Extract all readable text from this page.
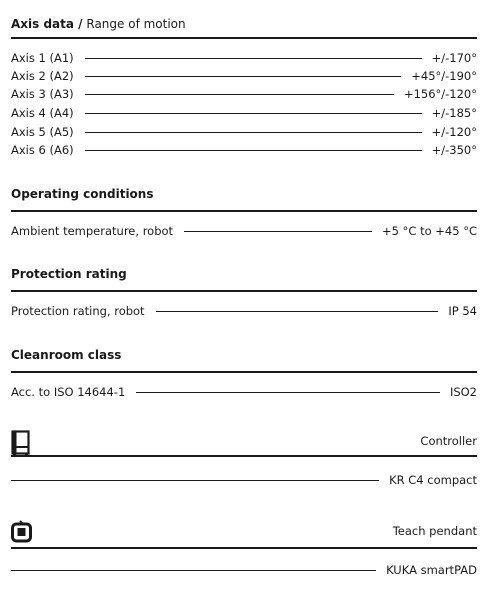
Axis data / Range of motion
Axis 1 (A1)	+/-170°
Axis 2 (A2)	+45°/-190°
Axis 3 (A3)	+156°/-120°
Axis 4 (A4)	+/-185°
Axis 5 (A5)	+/-120°
Axis 6 (A6)	+/-350°
Operating conditions
Ambient temperature, robot	+5 °C to +45 °C
Protection rating
Protection rating, robot	IP 54
Cleanroom class
Acc. to ISO 14644-1	ISO2
Controller
KR C4 compact
Teach pendant
KUKA smartPAD
